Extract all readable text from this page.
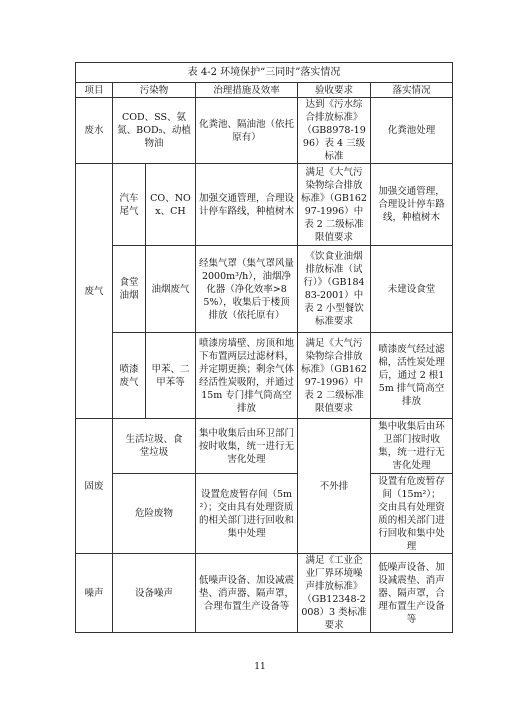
表 4-2 环境保护“三同时”落实情况					
项目	污染物		治理措施及效率	验收要求	落实情况
废水	COD、SS、氨氮、BOD₅、动植物油		化粪池、隔油池（依托原有）	达到《污水综合排放标准》（GB8978-1996）表 4 三级标准	化粪池处理
废气	汽车尾气	CO、NOx、CH	加强交通管理，合理设计停车路线，种植树木	满足《大气污染物综合排放标准》（GB16297-1996）中表 2 二级标准限值要求	加强交通管理，合理设计停车路线，种植树木
	食堂油烟	油烟废气	经集气罩（集气罩风量2000m³/h），油烟净化器（净化效率>85%），收集后于楼顶排放（依托原有）	《饮食业油烟排放标准（试行）》（GB18483-2001）中表 2 小型餐饮标准要求	未建设食堂
	喷漆废气	甲苯、二甲苯等	喷漆房墙壁、房顶和地下布置两层过滤材料，并定期更换；剩余气体经活性炭吸附，并通过15m 专门排气筒高空排放	满足《大气污染物综合排放标准》（GB16297-1996）中表 2 二级标准限值要求	喷漆废气经过滤棉，活性炭处理后，通过 2 根15m 排气筒高空排放
固废	生活垃圾、食堂垃圾		集中收集后由环卫部门按时收集，统一进行无害化处理	不外排	集中收集后由环卫部门按时收集，统一进行无害化处理
	危险废物		设置危废暂存间（5m²）；交由具有处理资质的相关部门进行回收和集中处理		设置有危废暂存间（15m²）；交由具有处理资质的相关部门进行回收和集中处理
噪声	设备噪声		低噪声设备、加设减震垫、消声器、隔声罩，合理布置生产设备等	满足《工业企业厂界环境噪声排放标准》（GB12348-2008）3 类标准要求	低噪声设备、加设减震垫、消声器、隔声罩，合理布置生产设备等
11
